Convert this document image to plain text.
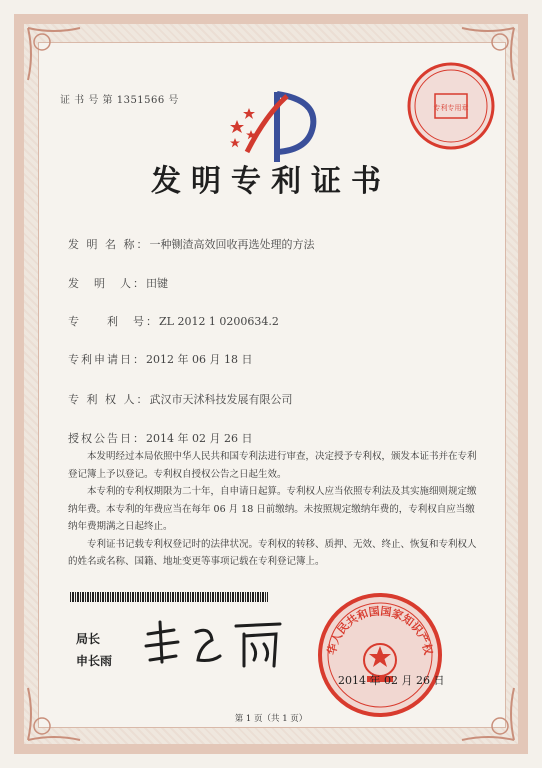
证 书 号 第 1351566 号
专利专用章
发明专利证书
发 明 名 称：一种铡渣高效回收再选处理的方法
发　明　人：田键
专　　利　号：ZL 2012 1 0200634.2
专利申请日：2012 年 06 月 18 日
专 利 权 人：武汉市天沭科技发展有限公司
授权公告日：2014 年 02 月 26 日

本发明经过本局依照中华人民共和国专利法进行审查，决定授予专利权，颁发本证书并在专利登记簿上予以登记。专利权自授权公告之日起生效。

本专利的专利权期限为二十年，自申请日起算。专利权人应当依照专利法及其实施细则规定缴纳年费。本专利的年费应当在每年 06 月 18 日前缴纳。未按照规定缴纳年费的，专利权自应当缴纳年费期满之日起终止。

专利证书记载专利权登记时的法律状况。专利权的转移、质押、无效、终止、恢复和专利权人的姓名或名称、国籍、地址变更等事项记载在专利登记簿上。

局长
申长雨
华人民共和国国家知识产权
2014 年 02 月 26 日
第 1 页（共 1 页）
